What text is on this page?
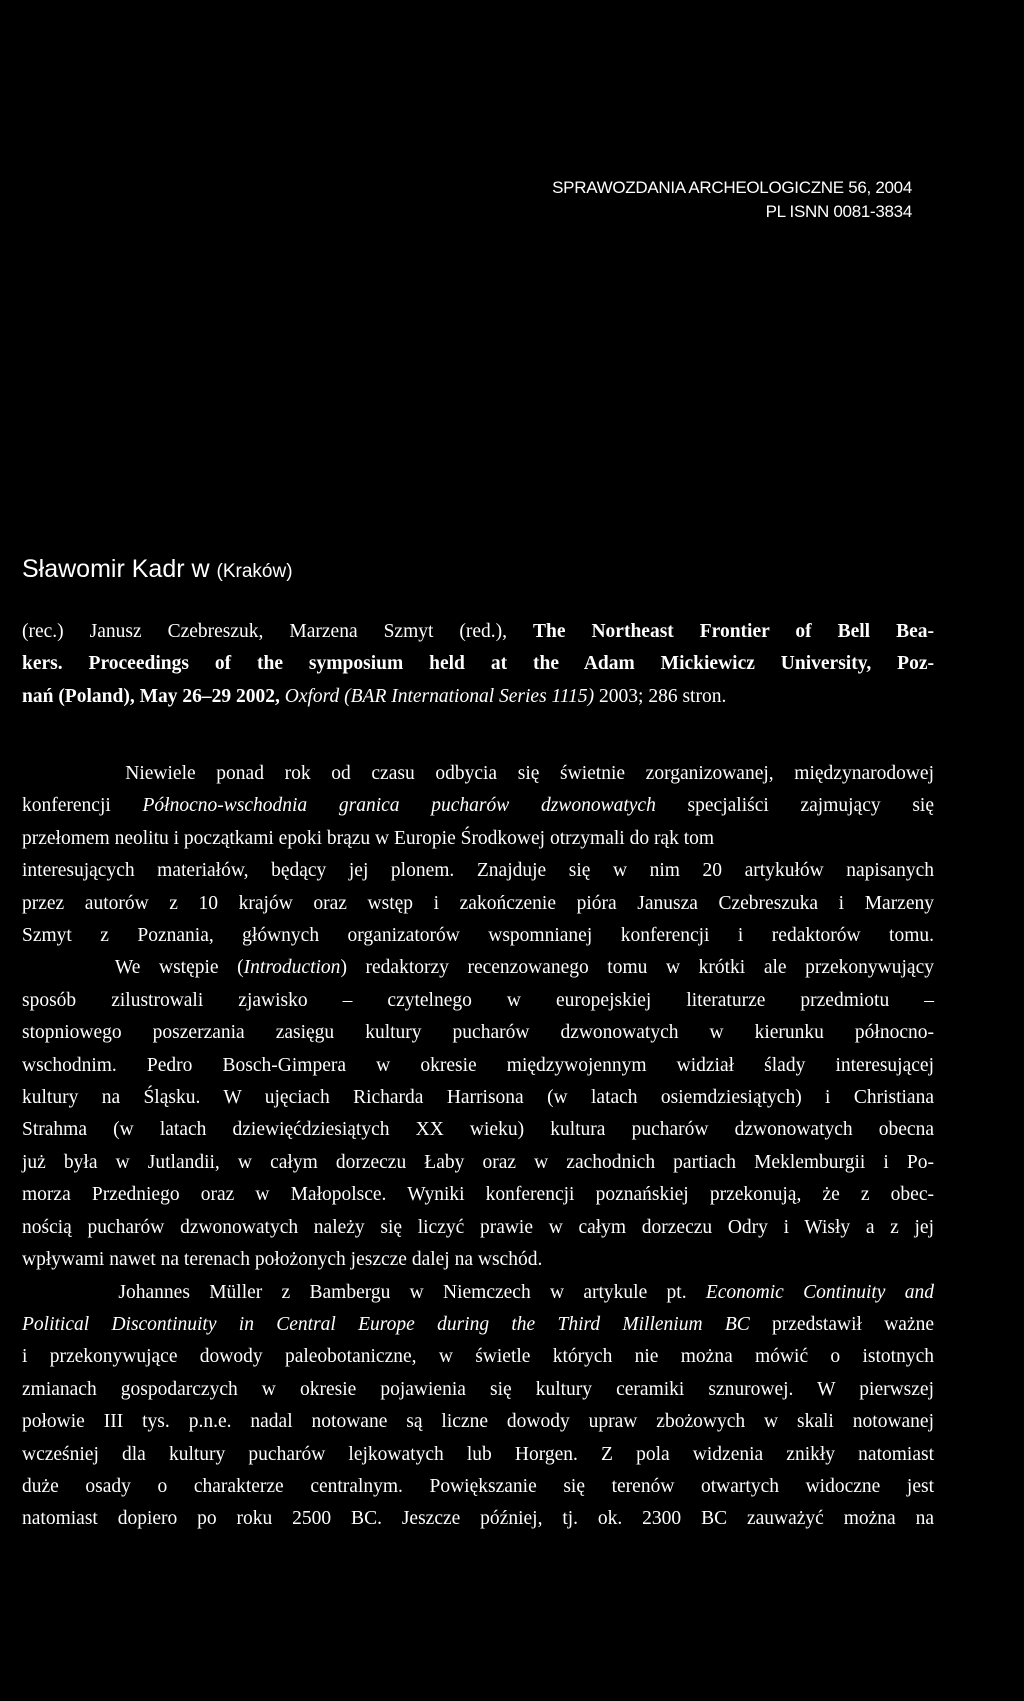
SPRAWOZDANIA ARCHEOLOGICZNE 56, 2004
PL ISNN 0081-3834
Sławomir Kadr w (Kraków)
(rec.) Janusz Czebreszuk, Marzena Szmyt (red.), The Northeast Frontier of Bell Bea-
kers. Proceedings of the symposium held at the Adam Mickiewicz University, Poz-
nań (Poland), May 26–29 2002, Oxford (BAR International Series 1115) 2003; 286 stron.
Niewiele ponad rok od czasu odbycia się świetnie zorganizowanej, międzynarodowej
konferencji Północno-wschodnia granica pucharów dzwonowatych specjaliści zajmujący się
przełomem neolitu i początkami epoki brązu w Europie Środkowej otrzymali do rąk tom
interesujących materiałów, będący jej plonem. Znajduje się w nim 20 artykułów napisanych
przez autorów z 10 krajów oraz wstęp i zakończenie pióra Janusza Czebreszuka i Marzeny
Szmyt z Poznania, głównych organizatorów wspomnianej konferencji i redaktorów tomu.
We wstępie (Introduction) redaktorzy recenzowanego tomu w krótki ale przekonywujący
sposób zilustrowali zjawisko – czytelnego w europejskiej literaturze przedmiotu –
stopniowego poszerzania zasięgu kultury pucharów dzwonowatych w kierunku północno-
wschodnim. Pedro Bosch-Gimpera w okresie międzywojennym widział ślady interesującej
kultury na Śląsku. W ujęciach Richarda Harrisona (w latach osiemdziesiątych) i Christiana
Strahma (w latach dziewięćdziesiątych XX wieku) kultura pucharów dzwonowatych obecna
już była w Jutlandii, w całym dorzeczu Łaby oraz w zachodnich partiach Meklemburgii i Po-
morza Przedniego oraz w Małopolsce. Wyniki konferencji poznańskiej przekonują, że z obec-
nością pucharów dzwonowatych należy się liczyć prawie w całym dorzeczu Odry i Wisły a z jej
wpływami nawet na terenach położonych jeszcze dalej na wschód.
Johannes Müller z Bambergu w Niemczech w artykule pt. Economic Continuity and
Political Discontinuity in Central Europe during the Third Millenium BC przedstawił ważne
i przekonywujące dowody paleobotaniczne, w świetle których nie można mówić o istotnych
zmianach gospodarczych w okresie pojawienia się kultury ceramiki sznurowej. W pierwszej
połowie III tys. p.n.e. nadal notowane są liczne dowody upraw zbożowych w skali notowanej
wcześniej dla kultury pucharów lejkowatych lub Horgen. Z pola widzenia znikły natomiast
duże osady o charakterze centralnym. Powiększanie się terenów otwartych widoczne jest
natomiast dopiero po roku 2500 BC. Jeszcze później, tj. ok. 2300 BC zauważyć można na
